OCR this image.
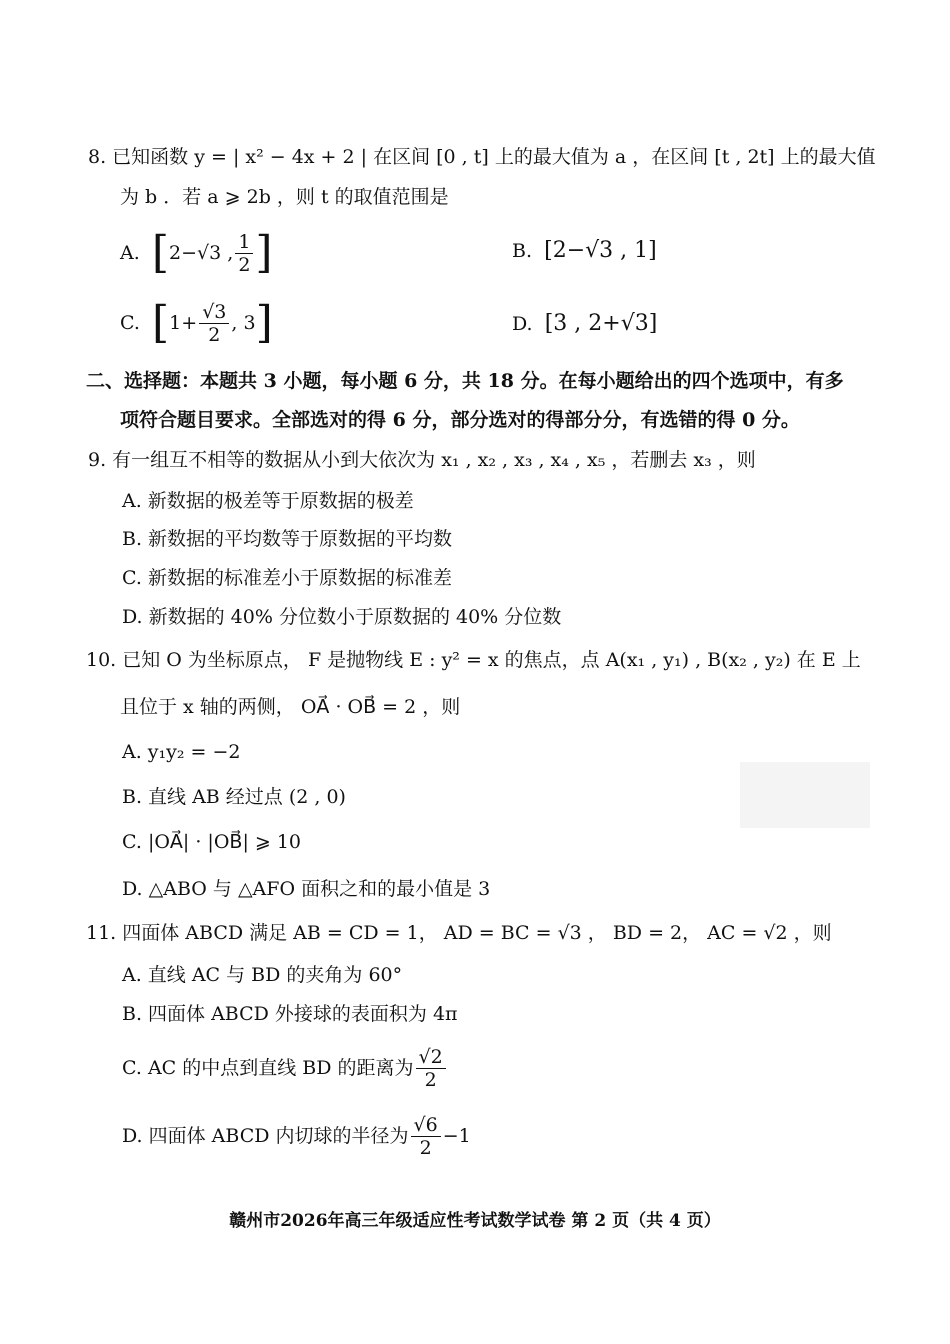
8. 已知函数 y = | x² − 4x + 2 | 在区间 [0 , t] 上的最大值为 a ，在区间 [t , 2t] 上的最大值
为 b ．若 a ⩾ 2b ，则 t 的取值范围是
A.
[ 2−√3 , $\frac{1}{2}$ ]	B.
[2−√3 , 1]
C.
[ $1+ \frac{√3}{2}$ , 3 ]	D.
[3 , 2+√3]
二、选择题：本题共 3 小题，每小题 6 分，共 18 分。在每小题给出的四个选项中，有多
项符合题目要求。全部选对的得 6 分，部分选对的得部分分，有选错的得 0 分。
9. 有一组互不相等的数据从小到大依次为 x₁ , x₂ , x₃ , x₄ , x₅ ，若删去 x₃ ，则
A. 新数据的极差等于原数据的极差
B. 新数据的平均数等于原数据的平均数
C. 新数据的标准差小于原数据的标准差
D. 新数据的 40% 分位数小于原数据的 40% 分位数
10. 已知 O 为坐标原点， F 是抛物线 E : y² = x 的焦点，点 A(x₁ , y₁) , B(x₂ , y₂) 在 E 上
且位于 x 轴的两侧， OA⃗ · OB⃗ = 2 ，则
A. y₁y₂ = −2
B. 直线 AB 经过点 (2 , 0)
C. |OA⃗| · |OB⃗| ⩾ 10
D. △ABO 与 △AFO 面积之和的最小值是 3
11. 四面体 ABCD 满足 AB = CD = 1， AD = BC = √3 ， BD = 2， AC = √2 ，则
A. 直线 AC 与 BD 的夹角为 60°
B. 四面体 ABCD 外接球的表面积为 4π
C. AC 的中点到直线 BD 的距离为 $\frac{√2}{2}$
D. 四面体 ABCD 内切球的半径为 $\frac{√6}{2} -1$
赣州市2026年高三年级适应性考试数学试卷 第 2 页（共 4 页）
